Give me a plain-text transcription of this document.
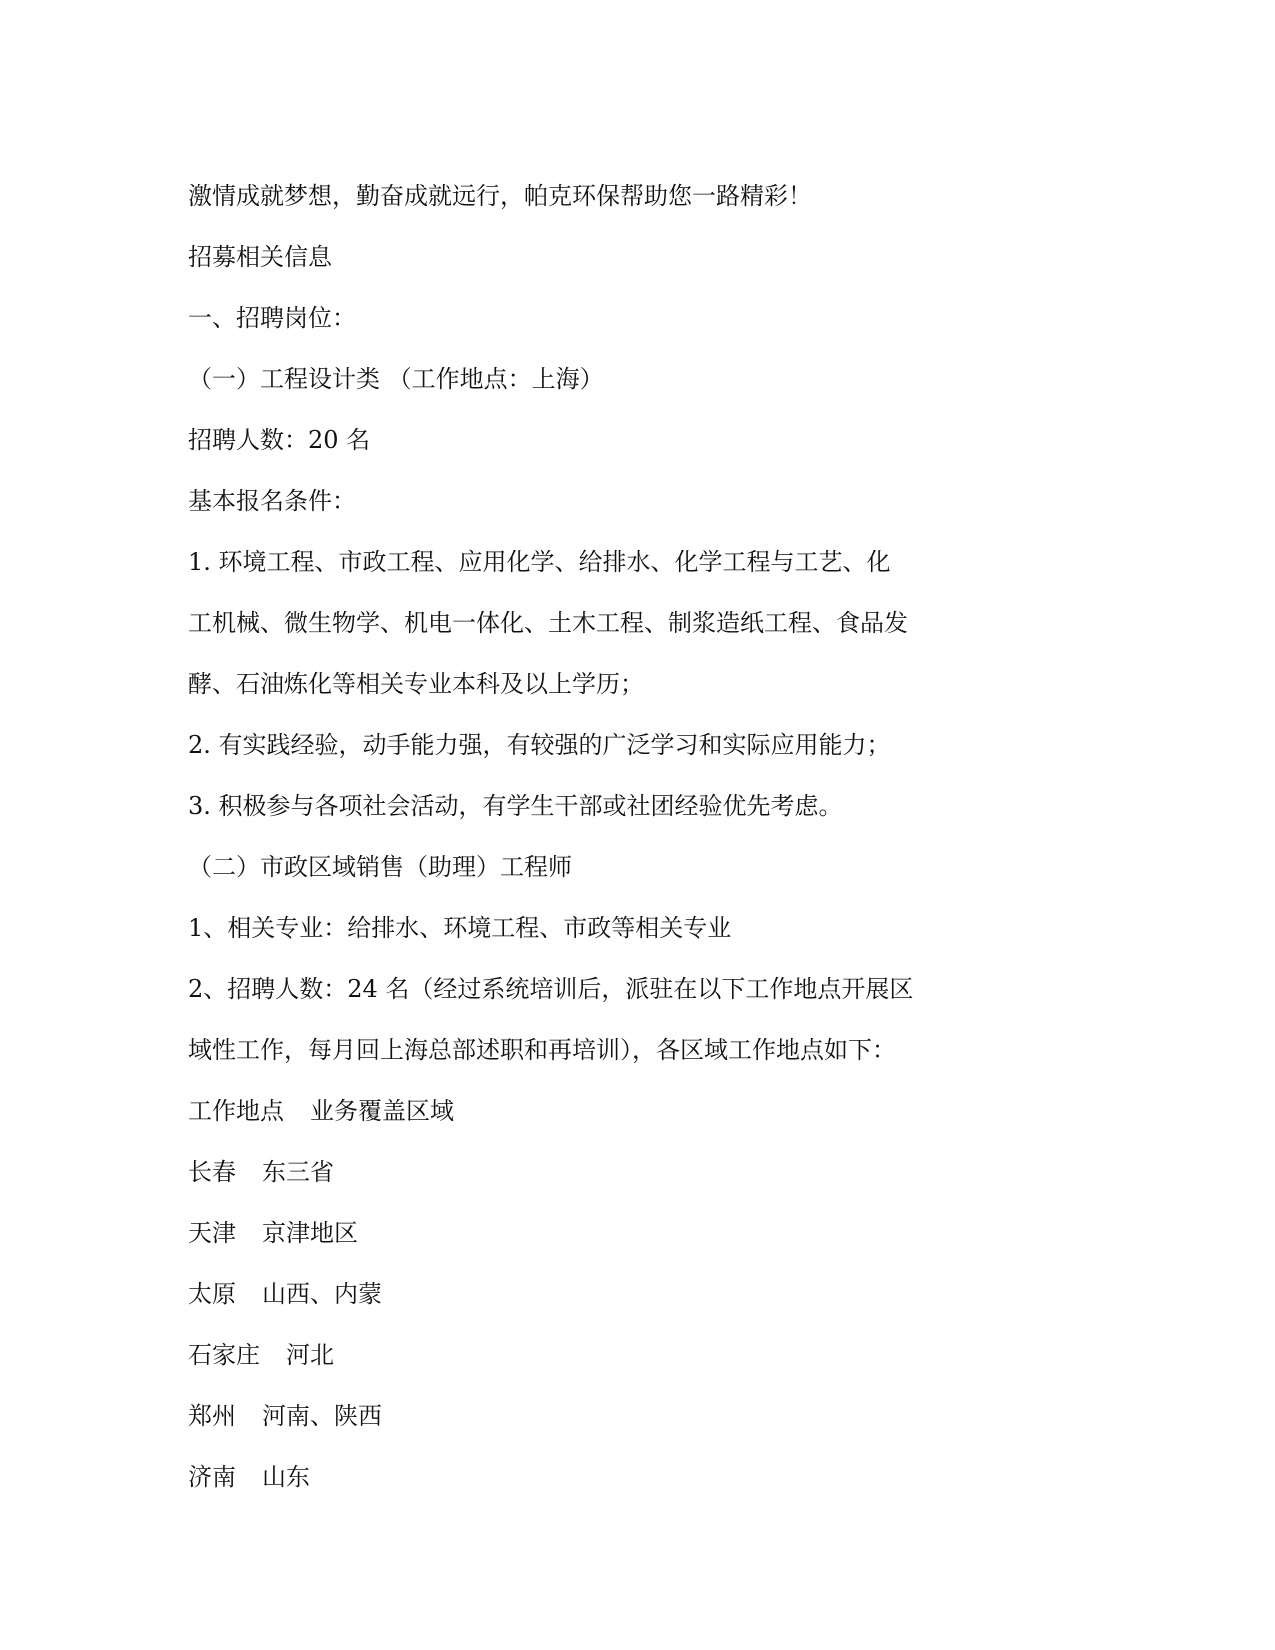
激情成就梦想，勤奋成就远行，帕克环保帮助您一路精彩！
招募相关信息
一、招聘岗位：
（一）工程设计类 （工作地点：上海）
招聘人数：20 名
基本报名条件：
1. 环境工程、市政工程、应用化学、给排水、化学工程与工艺、化
工机械、微生物学、机电一体化、土木工程、制浆造纸工程、食品发
酵、石油炼化等相关专业本科及以上学历；
2. 有实践经验，动手能力强，有较强的广泛学习和实际应用能力；
3. 积极参与各项社会活动，有学生干部或社团经验优先考虑。
（二）市政区域销售（助理）工程师
1、相关专业：给排水、环境工程、市政等相关专业
2、招聘人数：24 名（经过系统培训后，派驻在以下工作地点开展区
域性工作，每月回上海总部述职和再培训），各区域工作地点如下：
工作地点 业务覆盖区域
长春 东三省
天津 京津地区
太原 山西、内蒙
石家庄 河北
郑州 河南、陕西
济南 山东
